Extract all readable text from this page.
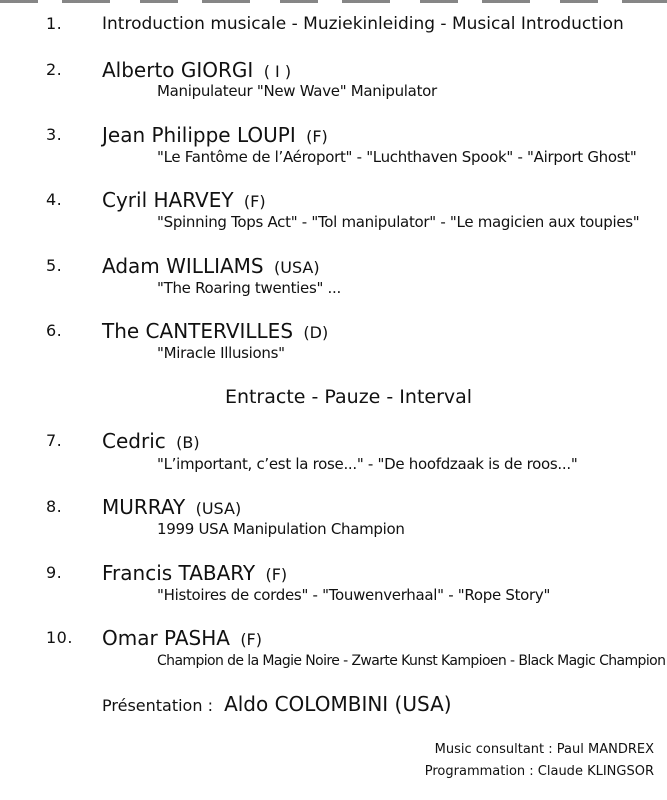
1. Introduction musicale - Muziekinleiding - Musical Introduction
2. Alberto GIORGI ( I )
Manipulateur "New Wave" Manipulator
3. Jean Philippe LOUPI (F)
"Le Fantôme de l’Aéroport" - "Luchthaven Spook" - "Airport Ghost"
4. Cyril HARVEY (F)
"Spinning Tops Act" - "Tol manipulator" - "Le magicien aux toupies"
5. Adam WILLIAMS (USA)
"The Roaring twenties" ...
6. The CANTERVILLES (D)
"Miracle Illusions"
Entracte - Pauze - Interval
7. Cedric (B)
"L’important, c’est la rose..." - "De hoofdzaak is de roos..."
8. MURRAY (USA)
1999 USA Manipulation Champion
9. Francis TABARY (F)
"Histoires de cordes" - "Touwenverhaal" - "Rope Story"
10. Omar PASHA (F)
Champion de la Magie Noire - Zwarte Kunst Kampioen - Black Magic Champion
Présentation : Aldo COLOMBINI (USA)
Music consultant : Paul MANDREX
Programmation : Claude KLINGSOR
